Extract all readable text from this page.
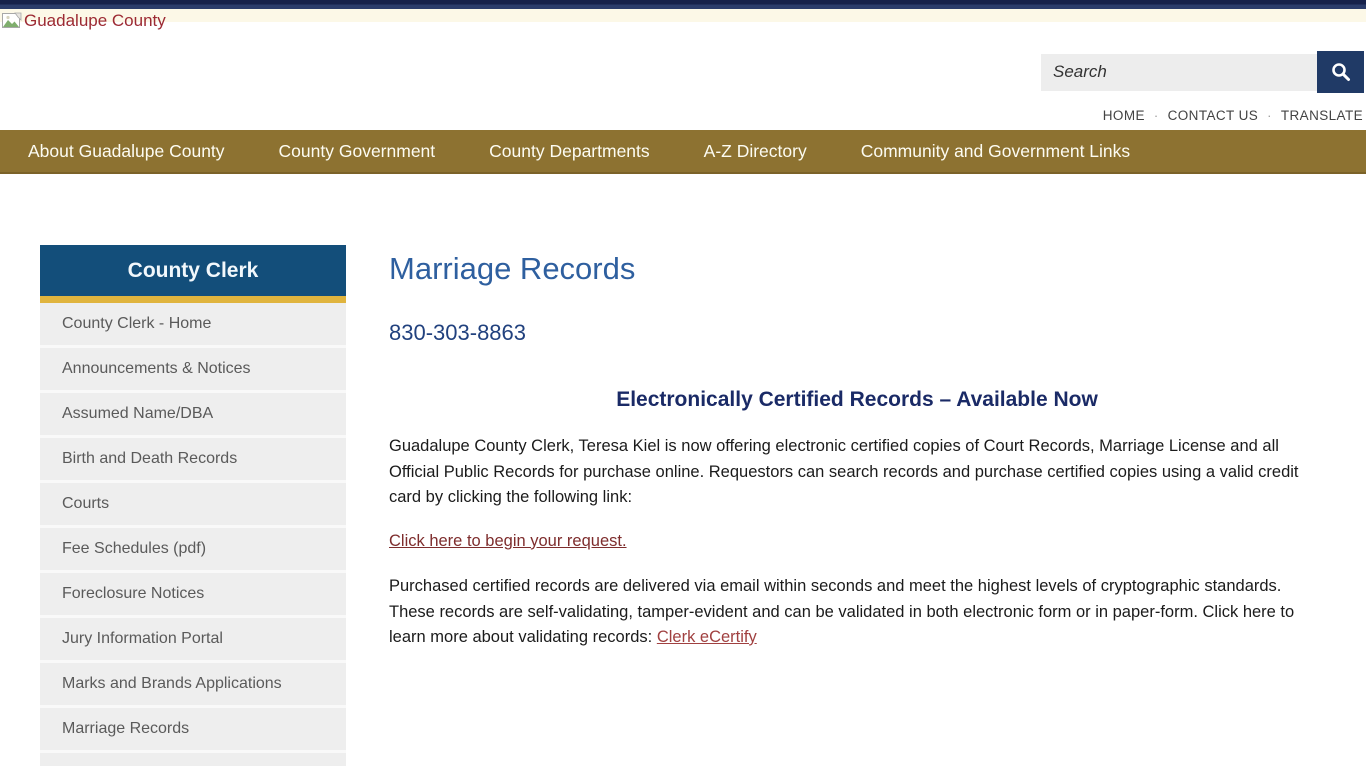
Guadalupe County
Search
HOME · CONTACT US · TRANSLATE
About Guadalupe County	County Government	County Departments	A-Z Directory	Community and Government Links
County Clerk
County Clerk - Home
Announcements & Notices
Assumed Name/DBA
Birth and Death Records
Courts
Fee Schedules (pdf)
Foreclosure Notices
Jury Information Portal
Marks and Brands Applications
Marriage Records
Marriage Records
830-303-8863
Electronically Certified Records – Available Now

Guadalupe County Clerk, Teresa Kiel is now offering electronic certified copies of Court Records, Marriage License and all Official Public Records for purchase online. Requestors can search records and purchase certified copies using a valid credit card by clicking the following link:

Click here to begin your request.

Purchased certified records are delivered via email within seconds and meet the highest levels of cryptographic standards. These records are self-validating, tamper-evident and can be validated in both electronic form or in paper-form. Click here to learn more about validating records: Clerk eCertify
